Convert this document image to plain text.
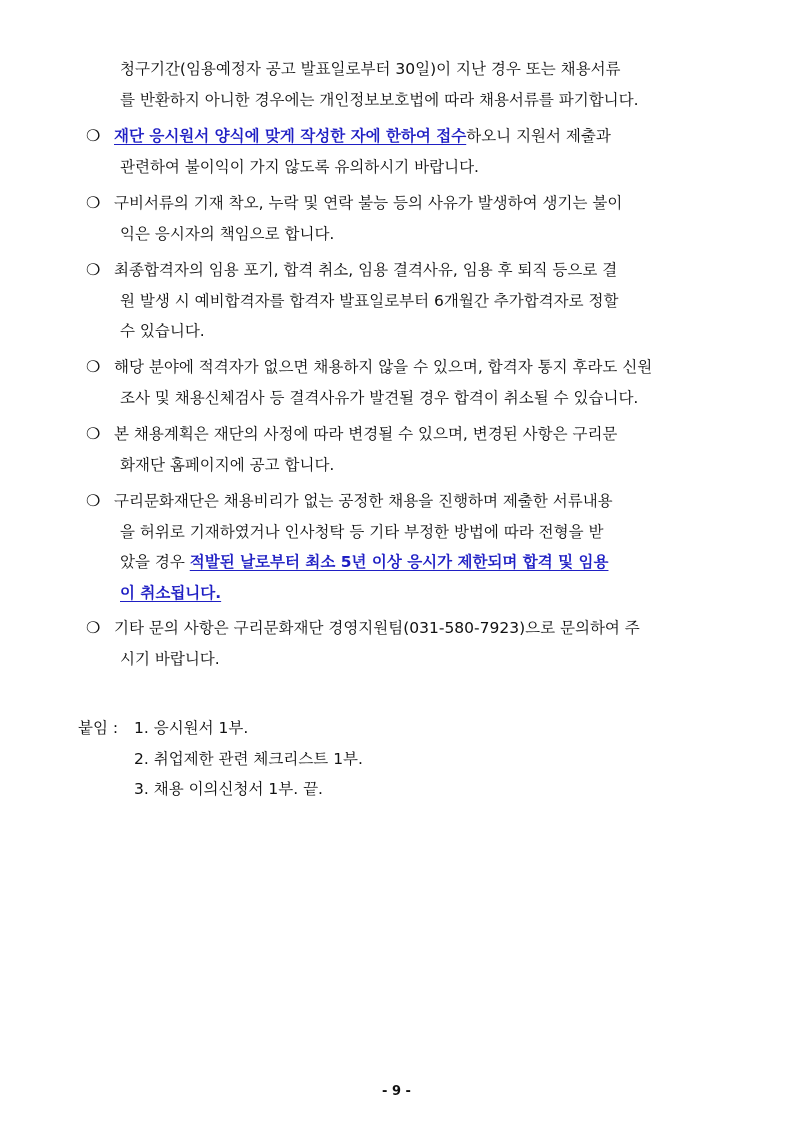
청구기간(임용예정자 공고 발표일로부터 30일)이 지난 경우 또는 채용서류
를 반환하지 아니한 경우에는 개인정보보호법에 따라 채용서류를 파기합니다.
❍ 재단 응시원서 양식에 맞게 작성한 자에 한하여 접수하오니 지원서 제출과
관련하여 불이익이 가지 않도록 유의하시기 바랍니다.
❍ 구비서류의 기재 착오, 누락 및 연락 불능 등의 사유가 발생하여 생기는 불이
익은 응시자의 책임으로 합니다.
❍ 최종합격자의 임용 포기, 합격 취소, 임용 결격사유, 임용 후 퇴직 등으로 결
원 발생 시 예비합격자를 합격자 발표일로부터 6개월간 추가합격자로 정할
수 있습니다.
❍ 해당 분야에 적격자가 없으면 채용하지 않을 수 있으며, 합격자 통지 후라도 신원
조사 및 채용신체검사 등 결격사유가 발견될 경우 합격이 취소될 수 있습니다.
❍ 본 채용계획은 재단의 사정에 따라 변경될 수 있으며, 변경된 사항은 구리문
화재단 홈페이지에 공고 합니다.
❍ 구리문화재단은 채용비리가 없는 공정한 채용을 진행하며 제출한 서류내용
을 허위로 기재하였거나 인사청탁 등 기타 부정한 방법에 따라 전형을 받
았을 경우 적발된 날로부터 최소 5년 이상 응시가 제한되며 합격 및 임용
이 취소됩니다.
❍ 기타 문의 사항은 구리문화재단 경영지원팀(031-580-7923)으로 문의하여 주
시기 바랍니다.
붙임 : 1. 응시원서 1부.
2. 취업제한 관련 체크리스트 1부.
3. 채용 이의신청서 1부. 끝.
- 9 -
